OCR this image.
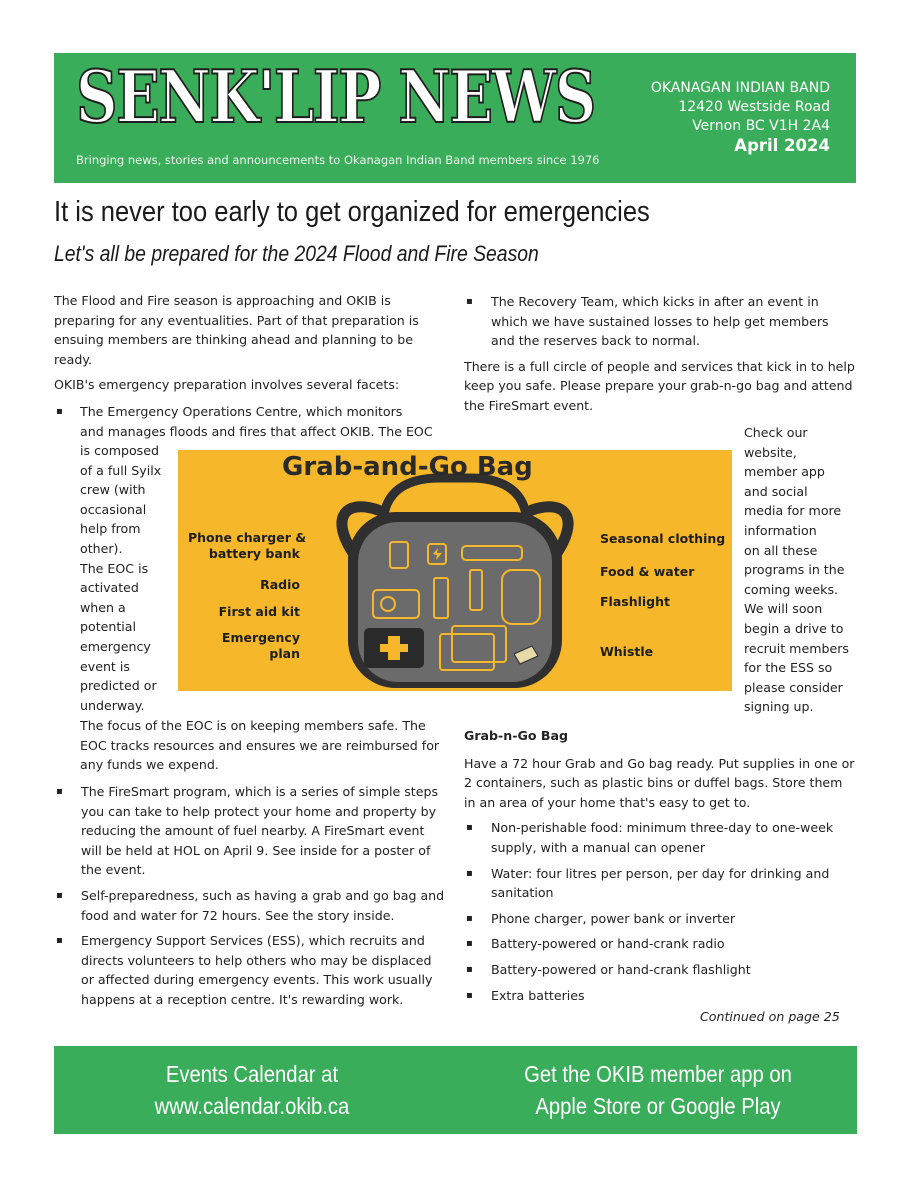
SENK'LIP NEWS
Bringing news, stories and announcements to Okanagan Indian Band members since 1976
OKANAGAN INDIAN BAND
12420 Westside Road
Vernon BC V1H 2A4
April 2024
It is never too early to get organized for emergencies
Let's all be prepared for the 2024 Flood and Fire Season

The Flood and Fire season is approaching and OKIB is preparing for any eventualities. Part of that preparation is ensuing members are thinking ahead and planning to be ready.

OKIB's emergency preparation involves several facets:

▪ The Emergency Operations Centre, which monitors
and manages floods and fires that affect OKIB. The EOC
is composed
of a full Syilx
crew (with
occasional
help from
other).
The EOC is
activated
when a
potential
emergency
event is
predicted or
underway.
The focus of the EOC is on keeping members safe. The EOC tracks resources and ensures we are reimbursed for any funds we expend.
▪ The FireSmart program, which is a series of simple steps you can take to help protect your home and property by reducing the amount of fuel nearby. A FireSmart event will be held at HOL on April 9. See inside for a poster of the event.
▪ Self-preparedness, such as having a grab and go bag and food and water for 72 hours. See the story inside.
▪ Emergency Support Services (ESS), which recruits and directs volunteers to help others who may be displaced or affected during emergency events. This work usually happens at a reception centre. It's rewarding work.
▪ The Recovery Team, which kicks in after an event in which we have sustained losses to help get members and the reserves back to normal.

There is a full circle of people and services that kick in to help keep you safe. Please prepare your grab-n-go bag and attend the FireSmart event.

Check our
website,
member app
and social
media for more
information
on all these
programs in the
coming weeks.
We will soon
begin a drive to
recruit members
for the ESS so
please consider
signing up.
Grab-and-Go Bag
Phone charger &
battery bank
Radio
First aid kit
Emergency
plan
Seasonal clothing
Food & water
Flashlight
Whistle

Grab-n-Go Bag

Have a 72 hour Grab and Go bag ready. Put supplies in one or 2 containers, such as plastic bins or duffel bags. Store them in an area of your home that's easy to get to.

▪ Non-perishable food: minimum three-day to one-week supply, with a manual can opener
▪ Water: four litres per person, per day for drinking and sanitation
▪ Phone charger, power bank or inverter
▪ Battery-powered or hand-crank radio
▪ Battery-powered or hand-crank flashlight
▪ Extra batteries
Continued on page 25
Events Calendar at
www.calendar.okib.ca
Get the OKIB member app on
Apple Store or Google Play
